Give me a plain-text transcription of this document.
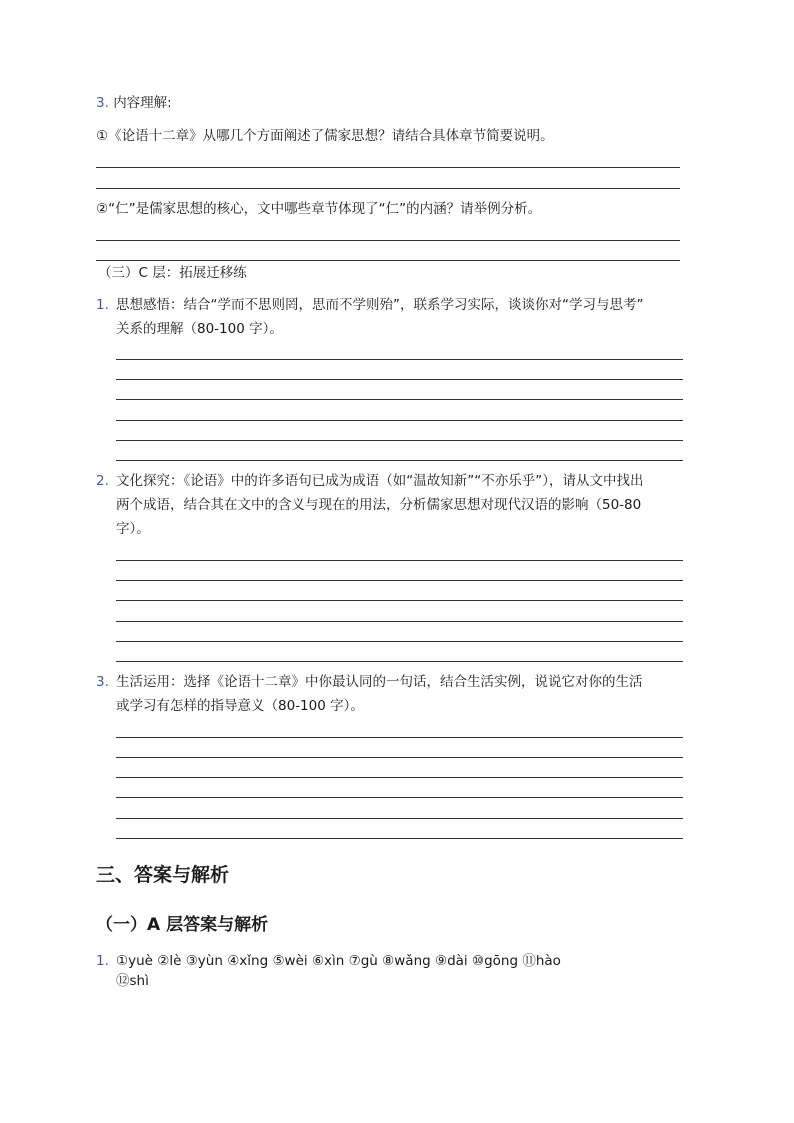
3. 内容理解:
①《论语十二章》从哪几个方面阐述了儒家思想？请结合具体章节简要说明。
②“仁”是儒家思想的核心，文中哪些章节体现了“仁”的内涵？请举例分析。
（三）C 层：拓展迁移练
1. 思想感悟：结合“学而不思则罔，思而不学则殆”，联系学习实际，谈谈你对“学习与思考”
关系的理解（80-100 字）。
2. 文化探究：《论语》中的许多语句已成为成语（如“温故知新”“不亦乐乎”），请从文中找出
两个成语，结合其在文中的含义与现在的用法，分析儒家思想对现代汉语的影响（50-80
字）。
3. 生活运用：选择《论语十二章》中你最认同的一句话，结合生活实例，说说它对你的生活
或学习有怎样的指导意义（80-100 字）。
三、答案与解析
（一）A 层答案与解析
1. ①yuè ②lè ③yùn ④xǐng ⑤wèi ⑥xìn ⑦gù ⑧wǎng ⑨dài ⑩gōng ⑪hào
⑫shì
